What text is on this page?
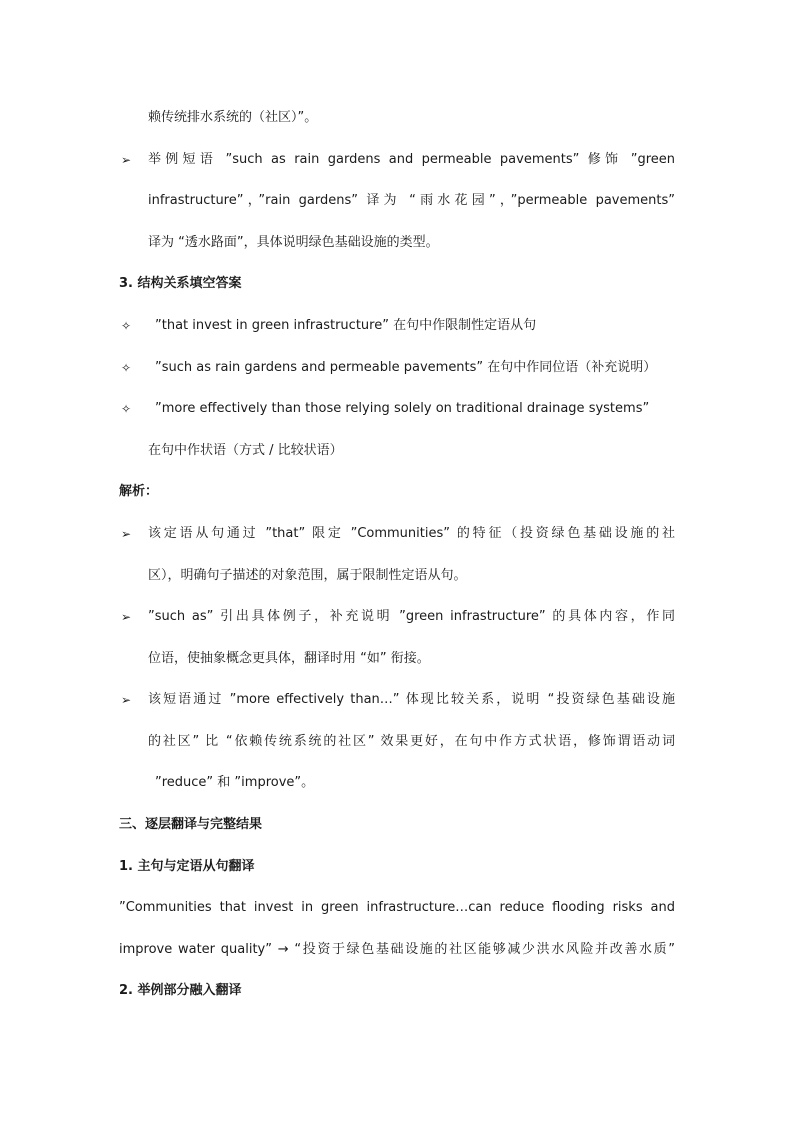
赖传统排水系统的（社区）”。
➢ 举例短语 ”such as rain gardens and permeable pavements” 修饰 ”green
infrastructure”，”rain gardens” 译为 “雨水花园”，”permeable pavements”
译为 “透水路面”，具体说明绿色基础设施的类型。
3. 结构关系填空答案
✧ ”that invest in green infrastructure” 在句中作限制性定语从句
✧ ”such as rain gardens and permeable pavements” 在句中作同位语（补充说明）
✧ ”more effectively than those relying solely on traditional drainage systems”
在句中作状语（方式 / 比较状语）
解析：
➢ 该定语从句通过 ”that” 限定 ”Communities” 的特征（投资绿色基础设施的社
区），明确句子描述的对象范围，属于限制性定语从句。
➢ ”such as” 引出具体例子，补充说明 ”green infrastructure” 的具体内容，作同
位语，使抽象概念更具体，翻译时用 “如” 衔接。
➢ 该短语通过 ”more effectively than…” 体现比较关系，说明 “投资绿色基础设施
的社区” 比 “依赖传统系统的社区” 效果更好，在句中作方式状语，修饰谓语动词
”reduce” 和 ”improve”。
三、逐层翻译与完整结果
1. 主句与定语从句翻译
”Communities that invest in green infrastructure…can reduce flooding risks and
improve water quality” → “投资于绿色基础设施的社区能够减少洪水风险并改善水质”
2. 举例部分融入翻译
